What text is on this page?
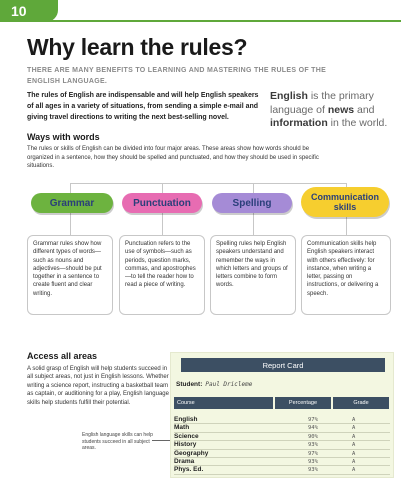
10
Why learn the rules?

THERE ARE MANY BENEFITS TO LEARNING AND MASTERING THE RULES OF THE ENGLISH LANGUAGE.

The rules of English are indispensable and will help English speakers of all ages in a variety of situations, from sending a simple e-mail and giving travel directions to writing the next best-selling novel.

English is the primary language of news and information in the world.

Ways with words

The rules or skills of English can be divided into four major areas. These areas show how words should be organized in a sentence, how they should be spelled and punctuated, and how they should be used in specific situations.

Grammar	Punctuation	Spelling
Communication skills
Grammar rules show how different types of words—such as nouns and adjectives—should be put together in a sentence to create fluent and clear writing.
Punctuation refers to the use of symbols—such as periods, question marks, commas, and apostrophes—to tell the reader how to read a piece of writing.
Spelling rules help English speakers understand and remember the ways in which letters and groups of letters combine to form words.
Communication skills help English speakers interact with others effectively: for instance, when writing a letter, passing on instructions, or delivering a speech.
Access all areas

A solid grasp of English will help students succeed in all subject areas, not just in English lessons. Whether writing a science report, instructing a basketball team as captain, or auditioning for a play, English language skills help students fulfill their potential.

English language skills can help students succeed in all subject areas.

Report Card
Student: Paul Dricleme
Course	Percentage	Grade
English	97%	A
Math	94%	A
Science	90%	A
History	93%	A
Geography	97%	A
Drama	93%	A
Phys. Ed.	93%	A
